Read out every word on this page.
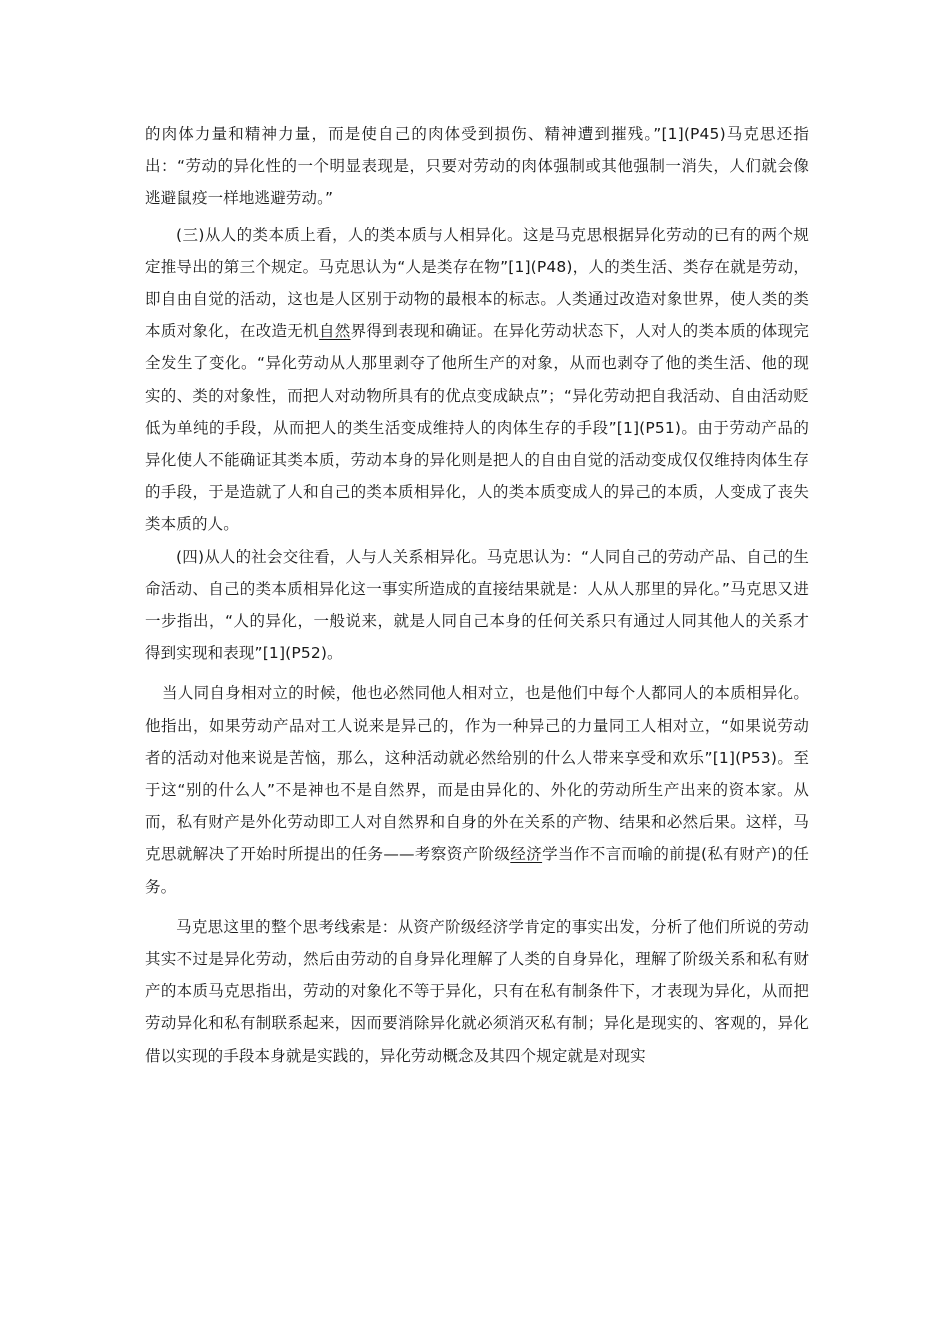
的肉体力量和精神力量，而是使自己的肉体受到损伤、精神遭到摧残。”[1](P45)马克思还指出：“劳动的异化性的一个明显表现是，只要对劳动的肉体强制或其他强制一消失，人们就会像逃避鼠疫一样地逃避劳动。”

(三)从人的类本质上看，人的类本质与人相异化。这是马克思根据异化劳动的已有的两个规定推导出的第三个规定。马克思认为“人是类存在物”[1](P48)，人的类生活、类存在就是劳动，即自由自觉的活动，这也是人区别于动物的最根本的标志。人类通过改造对象世界，使人类的类本质对象化，在改造无机自然界得到表现和确证。在异化劳动状态下，人对人的类本质的体现完全发生了变化。“异化劳动从人那里剥夺了他所生产的对象，从而也剥夺了他的类生活、他的现实的、类的对象性，而把人对动物所具有的优点变成缺点”；“异化劳动把自我活动、自由活动贬低为单纯的手段，从而把人的类生活变成维持人的肉体生存的手段”[1](P51)。由于劳动产品的异化使人不能确证其类本质，劳动本身的异化则是把人的自由自觉的活动变成仅仅维持肉体生存的手段，于是造就了人和自己的类本质相异化，人的类本质变成人的异己的本质，人变成了丧失类本质的人。

(四)从人的社会交往看，人与人关系相异化。马克思认为：“人同自己的劳动产品、自己的生命活动、自己的类本质相异化这一事实所造成的直接结果就是：人从人那里的异化。”马克思又进一步指出，“人的异化，一般说来，就是人同自己本身的任何关系只有通过人同其他人的关系才得到实现和表现”[1](P52)。

当人同自身相对立的时候，他也必然同他人相对立，也是他们中每个人都同人的本质相异化。他指出，如果劳动产品对工人说来是异己的，作为一种异己的力量同工人相对立，“如果说劳动者的活动对他来说是苦恼，那么，这种活动就必然给别的什么人带来享受和欢乐”[1](P53)。至于这“别的什么人”不是神也不是自然界，而是由异化的、外化的劳动所生产出来的资本家。从而，私有财产是外化劳动即工人对自然界和自身的外在关系的产物、结果和必然后果。这样，马克思就解决了开始时所提出的任务——考察资产阶级经济学当作不言而喻的前提(私有财产)的任务。

马克思这里的整个思考线索是：从资产阶级经济学肯定的事实出发，分析了他们所说的劳动其实不过是异化劳动，然后由劳动的自身异化理解了人类的自身异化，理解了阶级关系和私有财产的本质马克思指出，劳动的对象化不等于异化，只有在私有制条件下，才表现为异化，从而把劳动异化和私有制联系起来，因而要消除异化就必须消灭私有制；异化是现实的、客观的，异化借以实现的手段本身就是实践的，异化劳动概念及其四个规定就是对现实
